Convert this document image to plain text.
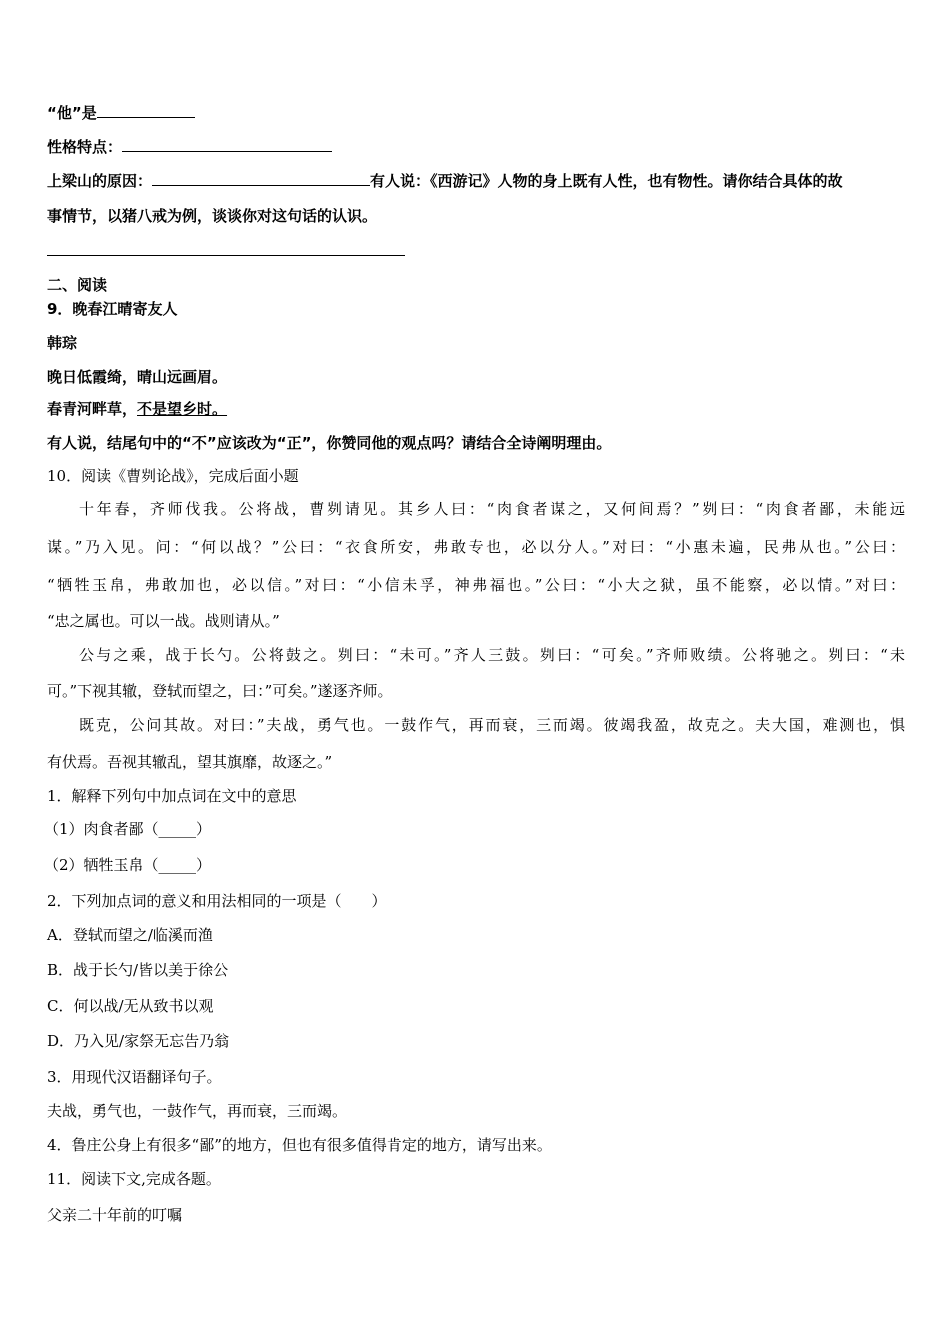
“他”是
性格特点：
上梁山的原因：	有人说：《西游记》人物的身上既有人性，也有物性。请你结合具体的故
事情节，以猪八戒为例，谈谈你对这句话的认识。
二、阅读
9．晚春江晴寄友人
韩琮
晚日低霞绮，晴山远画眉。
春青河畔草，不是望乡时。
有人说，结尾句中的“不”应该改为“正”，你赞同他的观点吗？请结合全诗阐明理由。
10．阅读《曹刿论战》，完成后面小题
十年春，齐师伐我。公将战，曹刿请见。其乡人曰：“肉食者谋之，又何间焉？”刿曰：“肉食者鄙，未能远
谋。”乃入见。问：“何以战？”公曰：“衣食所安，弗敢专也，必以分人。”对曰：“小惠未遍，民弗从也。”公曰：
“牺牲玉帛，弗敢加也，必以信。”对曰：“小信未孚，神弗福也。”公曰：“小大之狱，虽不能察，必以情。”对曰：
“忠之属也。可以一战。战则请从。”
公与之乘，战于长勺。公将鼓之。刿曰：“未可。”齐人三鼓。刿曰：“可矣。”齐师败绩。公将驰之。刿曰：“未
可。”下视其辙，登轼而望之，曰：”可矣。”遂逐齐师。
既克，公问其故。对曰：”夫战，勇气也。一鼓作气，再而衰，三而竭。彼竭我盈，故克之。夫大国，难测也，惧
有伏焉。吾视其辙乱，望其旗靡，故逐之。”
1．解释下列句中加点词在文中的意思
（1）肉食者鄙（_____）
（2）牺牲玉帛（_____）
2．下列加点词的意义和用法相同的一项是（　　）
A．登轼而望之/临溪而渔
B．战于长勺/皆以美于徐公
C．何以战/无从致书以观
D．乃入见/家祭无忘告乃翁
3．用现代汉语翻译句子。
夫战，勇气也，一鼓作气，再而衰，三而竭。
4．鲁庄公身上有很多“鄙”的地方，但也有很多值得肯定的地方，请写出来。
11．阅读下文,完成各题。
父亲二十年前的叮嘱
